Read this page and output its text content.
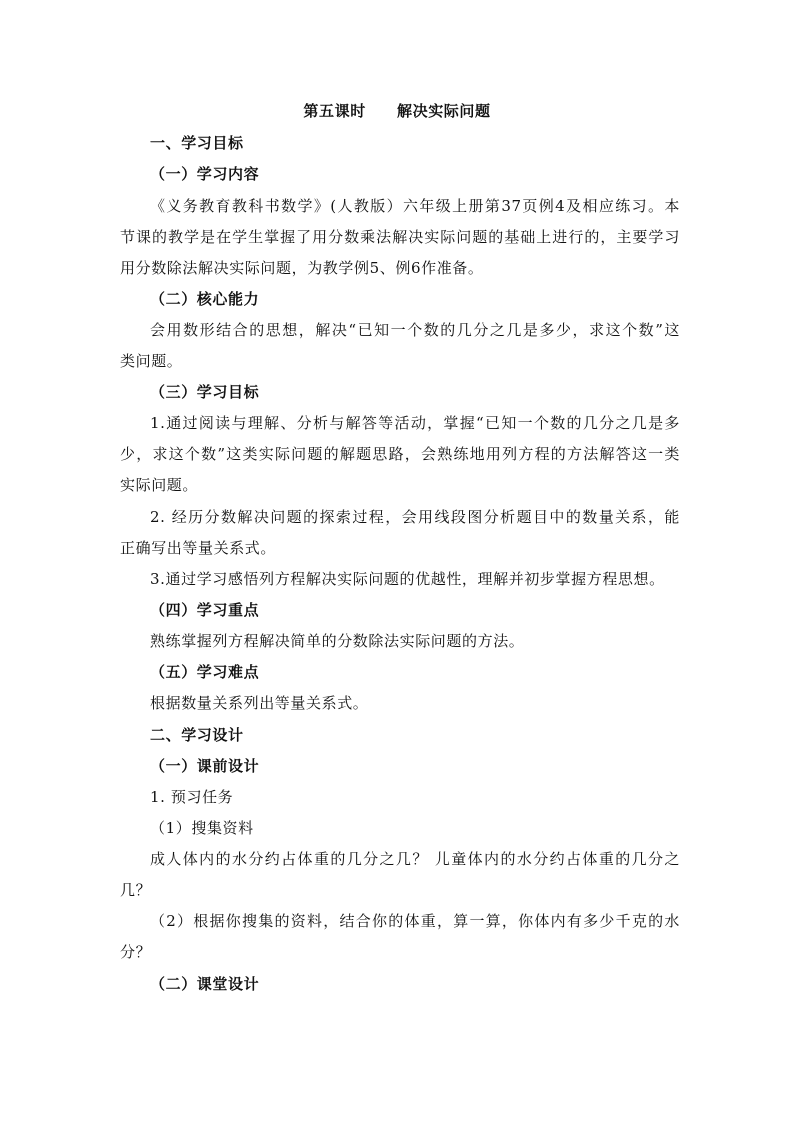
第五课时　　解决实际问题
一、学习目标
（一）学习内容
《义务教育教科书数学》(人教版）六年级上册第37页例4及相应练习。本
节课的教学是在学生掌握了用分数乘法解决实际问题的基础上进行的，主要学习
用分数除法解决实际问题，为教学例5、例6作准备。
（二）核心能力
会用数形结合的思想，解决“已知一个数的几分之几是多少，求这个数”这
类问题。
（三）学习目标
1.通过阅读与理解、分析与解答等活动，掌握“已知一个数的几分之几是多
少，求这个数”这类实际问题的解题思路，会熟练地用列方程的方法解答这一类
实际问题。
2. 经历分数解决问题的探索过程，会用线段图分析题目中的数量关系，能
正确写出等量关系式。
3.通过学习感悟列方程解决实际问题的优越性，理解并初步掌握方程思想。
（四）学习重点
熟练掌握列方程解决简单的分数除法实际问题的方法。
（五）学习难点
根据数量关系列出等量关系式。
二、学习设计
（一）课前设计
1. 预习任务
（1）搜集资料
成人体内的水分约占体重的几分之几？ 儿童体内的水分约占体重的几分之
几？
（2）根据你搜集的资料，结合你的体重，算一算，你体内有多少千克的水
分？
（二）课堂设计
